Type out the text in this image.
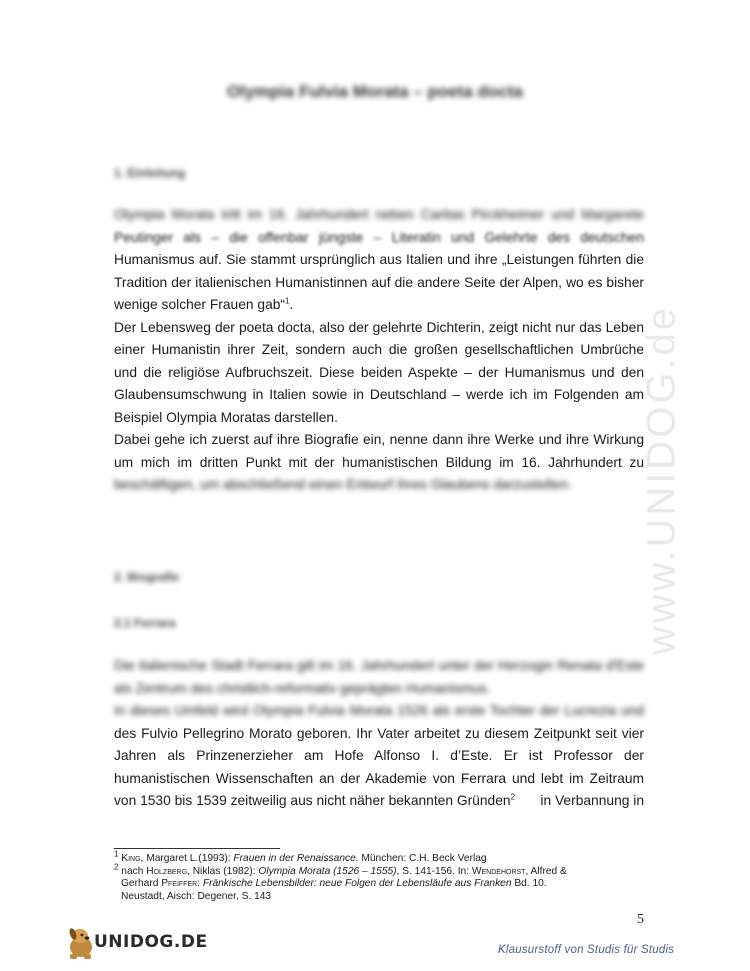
www.UNIDOG.de
Olympia Fulvia Morata – poeta docta
1. Einleitung
Olympia Morata tritt im 16. Jahrhundert neben Caritas Pirckheimer und Margarete
Peutinger als – die offenbar jüngste – Literatin und Gelehrte des deutschen
Humanismus auf. Sie stammt ursprünglich aus Italien und ihre „Leistungen führten die
Tradition der italienischen Humanistinnen auf die andere Seite der Alpen, wo es bisher
wenige solcher Frauen gab“$^1$.
Der Lebensweg der poeta docta, also der gelehrte Dichterin, zeigt nicht nur das Leben
einer Humanistin ihrer Zeit, sondern auch die großen gesellschaftlichen Umbrüche
und die religiöse Aufbruchszeit. Diese beiden Aspekte – der Humanismus und den
Glaubensumschwung in Italien sowie in Deutschland – werde ich im Folgenden am
Beispiel Olympia Moratas darstellen.
Dabei gehe ich zuerst auf ihre Biografie ein, nenne dann ihre Werke und ihre Wirkung
um mich im dritten Punkt mit der humanistischen Bildung im 16. Jahrhundert zu
beschäftigen, um abschließend einen Entwurf ihres Glaubens darzustellen.
2. Biografie
2.1 Ferrara
Die italienische Stadt Ferrara gilt im 16. Jahrhundert unter der Herzogin Renata d'Este
als Zentrum des christlich-reformativ geprägten Humanismus.
In dieses Umfeld wird Olympia Fulvia Morata 1526 als erste Tochter der Lucrezia und
des Fulvio Pellegrino Morato geboren. Ihr Vater arbeitet zu diesem Zeitpunkt seit vier
Jahren als Prinzenerzieher am Hofe Alfonso I. d’Este. Er ist Professor der
humanistischen Wissenschaften an der Akademie von Ferrara und lebt im Zeitraum
von 1530 bis 1539 zeitweilig aus nicht näher bekannten Gründen$^2$ in Verbannung in
$^1$ King, Margaret L.(1993): Frauen in der Renaissance. München: C.H. Beck Verlag
$^2$ nach Holzberg, Niklas (1982): Olympia Morata (1526 – 1555), S. 141-156. In: Wendehorst, Alfred &
Gerhard Pfeiffer: Fränkische Lebensbilder: neue Folgen der Lebensläufe aus Franken Bd. 10.
Neustadt, Aisch: Degener, S. 143
5
UNIDOG.DE	Klausurstoff von Studis für Studis
